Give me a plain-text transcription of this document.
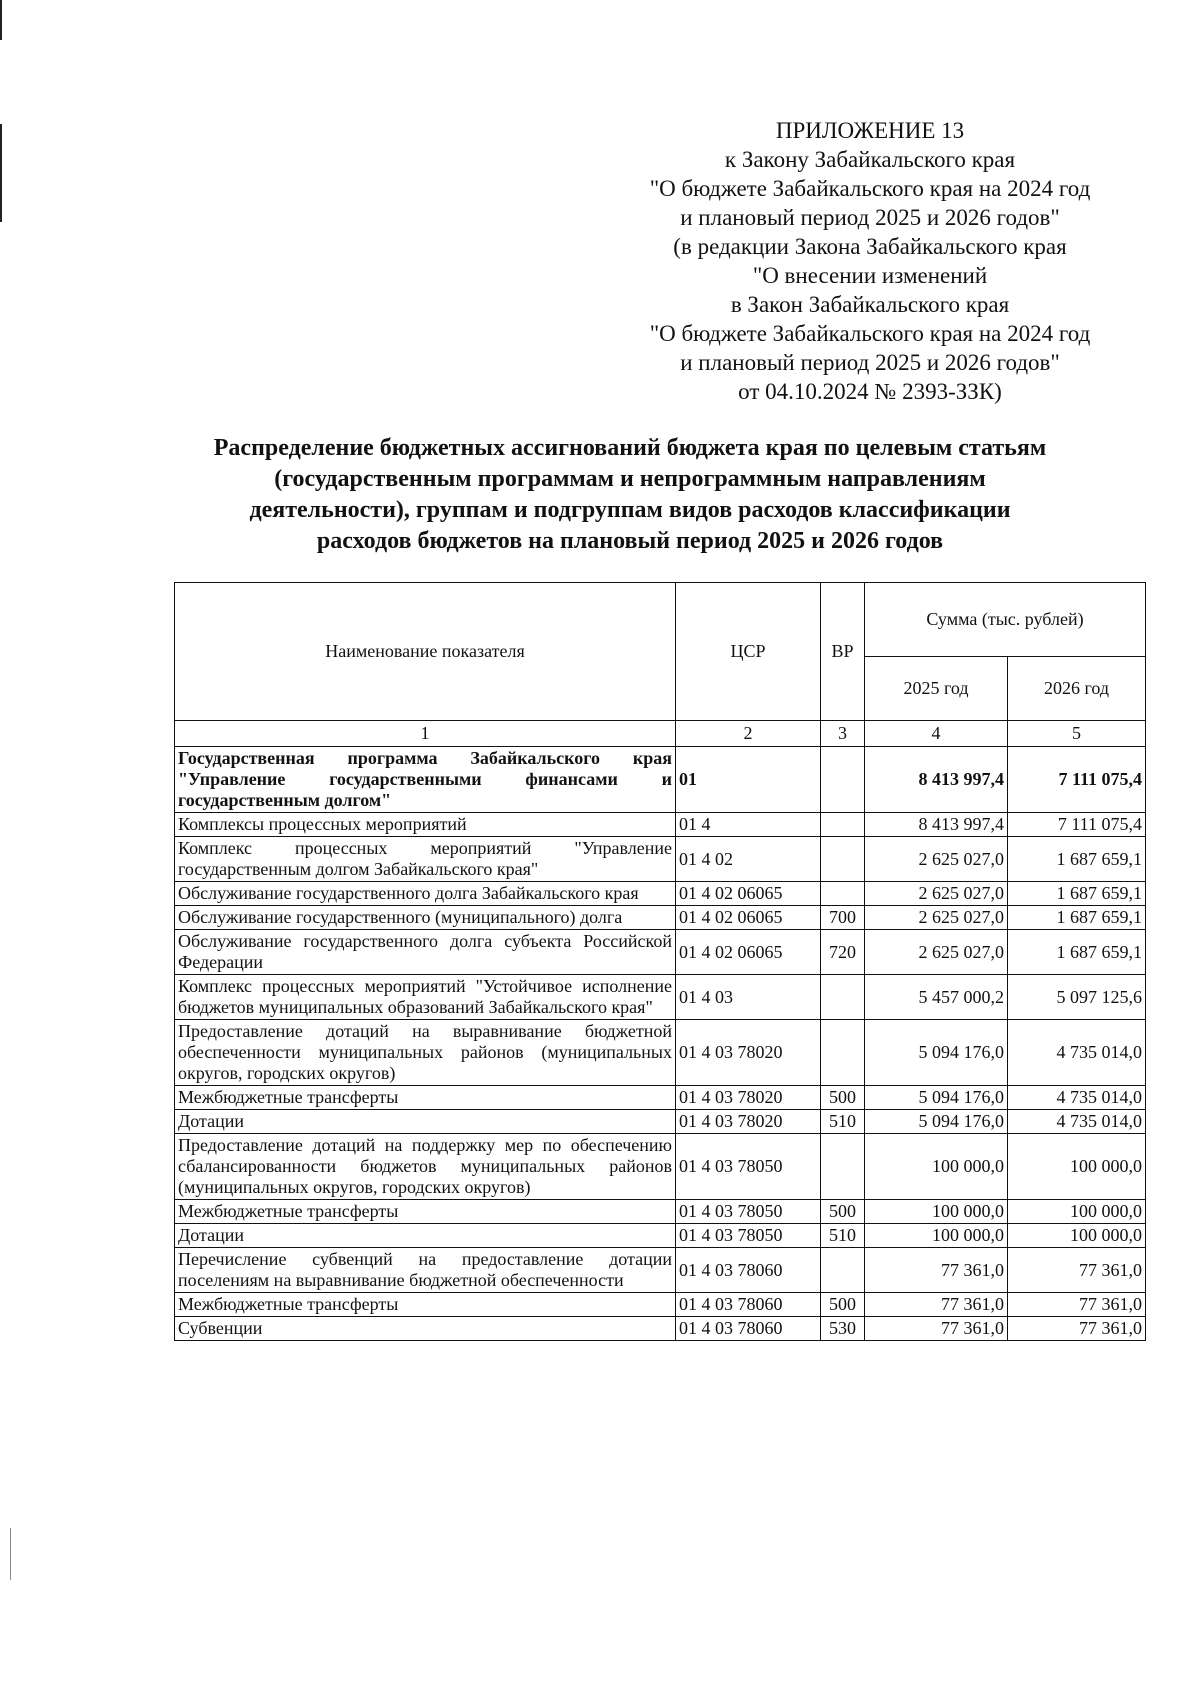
ПРИЛОЖЕНИЕ 13
к Закону Забайкальского края
"О бюджете Забайкальского края на 2024 год
и плановый период 2025 и 2026 годов"
(в редакции Закона Забайкальского края
"О внесении изменений
в Закон Забайкальского края
"О бюджете Забайкальского края на 2024 год
и плановый период 2025 и 2026 годов"
от 04.10.2024 № 2393-ЗЗК)
Распределение бюджетных ассигнований бюджета края по целевым статьям
(государственным программам и непрограммным направлениям
деятельности), группам и подгруппам видов расходов классификации
расходов бюджетов на плановый период 2025 и 2026 годов
Наименование показателя	ЦСР	ВР	Сумма (тыс. рублей)	
			2025 год	2026 год
1	2	3	4	5
Государственная программа Забайкальского края "Управление государственными финансами и государственным долгом"	01		8 413 997,4	7 111 075,4
Комплексы процессных мероприятий	01 4		8 413 997,4	7 111 075,4
Комплекс процессных мероприятий "Управление государственным долгом Забайкальского края"	01 4 02		2 625 027,0	1 687 659,1
Обслуживание государственного долга Забайкальского края	01 4 02 06065		2 625 027,0	1 687 659,1
Обслуживание государственного (муниципального) долга	01 4 02 06065	700	2 625 027,0	1 687 659,1
Обслуживание государственного долга субъекта Российской Федерации	01 4 02 06065	720	2 625 027,0	1 687 659,1
Комплекс процессных мероприятий "Устойчивое исполнение бюджетов муниципальных образований Забайкальского края"	01 4 03		5 457 000,2	5 097 125,6
Предоставление дотаций на выравнивание бюджетной обеспеченности муниципальных районов (муниципальных округов, городских округов)	01 4 03 78020		5 094 176,0	4 735 014,0
Межбюджетные трансферты	01 4 03 78020	500	5 094 176,0	4 735 014,0
Дотации	01 4 03 78020	510	5 094 176,0	4 735 014,0
Предоставление дотаций на поддержку мер по обеспечению сбалансированности бюджетов муниципальных районов (муниципальных округов, городских округов)	01 4 03 78050		100 000,0	100 000,0
Межбюджетные трансферты	01 4 03 78050	500	100 000,0	100 000,0
Дотации	01 4 03 78050	510	100 000,0	100 000,0
Перечисление субвенций на предоставление дотации поселениям на выравнивание бюджетной обеспеченности	01 4 03 78060		77 361,0	77 361,0
Межбюджетные трансферты	01 4 03 78060	500	77 361,0	77 361,0
Субвенции	01 4 03 78060	530	77 361,0	77 361,0
